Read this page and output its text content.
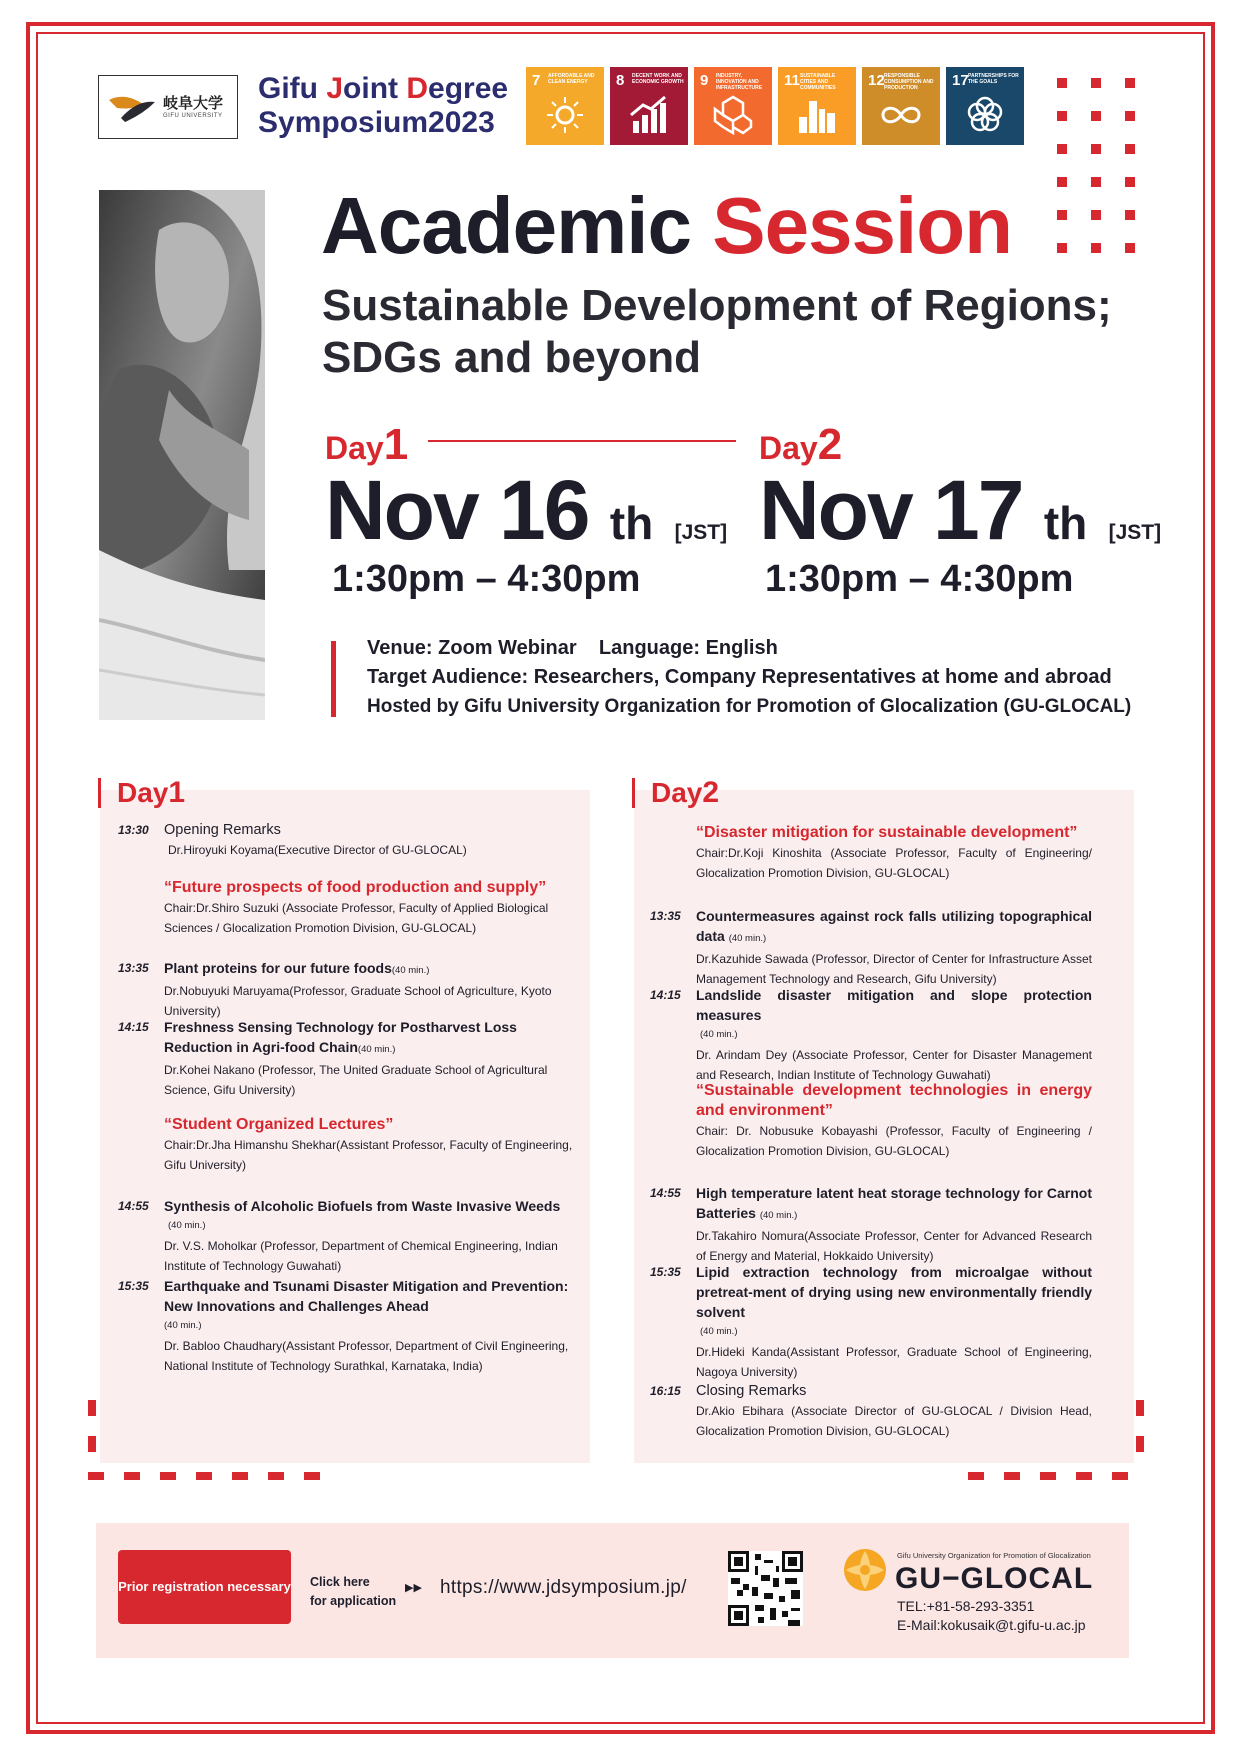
岐阜大学
GIFU UNIVERSITY
Gifu Joint Degree
Symposium2023
7 AFFORDABLE AND CLEAN ENERGY	8 DECENT WORK AND ECONOMIC GROWTH 9 INDUSTRY, INNOVATION AND INFRASTRUCTURE	11 SUSTAINABLE CITIES AND COMMUNITIES	12 RESPONSIBLE CONSUMPTION AND PRODUCTION	17 PARTNERSHIPS FOR THE GOALS
Academic Session
Sustainable Development of Regions;
SDGs and beyond
Day1	Day2
Nov 16 th [JST] Nov 17 th [JST]
1:30pm – 4:30pm	1:30pm – 4:30pm
Venue: Zoom Webinar Language: English
Target Audience: Researchers, Company Representatives at home and abroad
Hosted by Gifu University Organization for Promotion of Glocalization (GU-GLOCAL)
Day1
13:30 Opening Remarks
Dr.Hiroyuki Koyama(Executive Director of GU-GLOCAL)
“Future prospects of food production and supply”
Chair:Dr.Shiro Suzuki (Associate Professor, Faculty of Applied Biological Sciences / Glocalization Promotion Division, GU-GLOCAL)
13:35 Plant proteins for our future foods(40 min.)
Dr.Nobuyuki Maruyama(Professor, Graduate School of Agriculture, Kyoto University)
14:15 Freshness Sensing Technology for Postharvest Loss Reduction in Agri-food Chain(40 min.)
Dr.Kohei Nakano (Professor, The United Graduate School of Agricultural Science, Gifu University)
“Student Organized Lectures”
Chair:Dr.Jha Himanshu Shekhar(Assistant Professor, Faculty of Engineering, Gifu University)
14:55 Synthesis of Alcoholic Biofuels from Waste Invasive Weeds
(40 min.)
Dr. V.S. Moholkar (Professor, Department of Chemical Engineering, Indian Institute of Technology Guwahati)
15:35 Earthquake and Tsunami Disaster Mitigation and Prevention: New Innovations and Challenges Ahead
(40 min.)
Dr. Babloo Chaudhary(Assistant Professor, Department of Civil Engineering, National Institute of Technology Surathkal, Karnataka, India)
Day2
“Disaster mitigation for sustainable development”
Chair:Dr.Koji Kinoshita (Associate Professor, Faculty of Engineering/ Glocalization Promotion Division, GU-GLOCAL)
13:35 Countermeasures against rock falls utilizing topographical data (40 min.)
Dr.Kazuhide Sawada (Professor, Director of Center for Infrastructure Asset Management Technology and Research, Gifu University)
14:15 Landslide disaster mitigation and slope protection measures
(40 min.)
Dr. Arindam Dey (Associate Professor, Center for Disaster Management and Research, Indian Institute of Technology Guwahati)
“Sustainable development technologies in energy and environment”
Chair: Dr. Nobusuke Kobayashi (Professor, Faculty of Engineering / Glocalization Promotion Division, GU-GLOCAL)
14:55 High temperature latent heat storage technology for Carnot Batteries (40 min.)
Dr.Takahiro Nomura(Associate Professor, Center for Advanced Research of Energy and Material, Hokkaido University)
15:35 Lipid extraction technology from microalgae without pretreat-ment of drying using new environmentally friendly solvent
(40 min.)
Dr.Hideki Kanda(Assistant Professor, Graduate School of Engineering, Nagoya University)
16:15 Closing Remarks
Dr.Akio Ebihara (Associate Director of GU-GLOCAL / Division Head, Glocalization Promotion Division, GU-GLOCAL)
Prior registration necessary Click here
for application
▶▶ https://www.jdsymposium.jp/
Gifu University Organization for Promotion of Glocalization
GU−GLOCAL
TEL:+81-58-293-3351
E-Mail:kokusaik@t.gifu-u.ac.jp
